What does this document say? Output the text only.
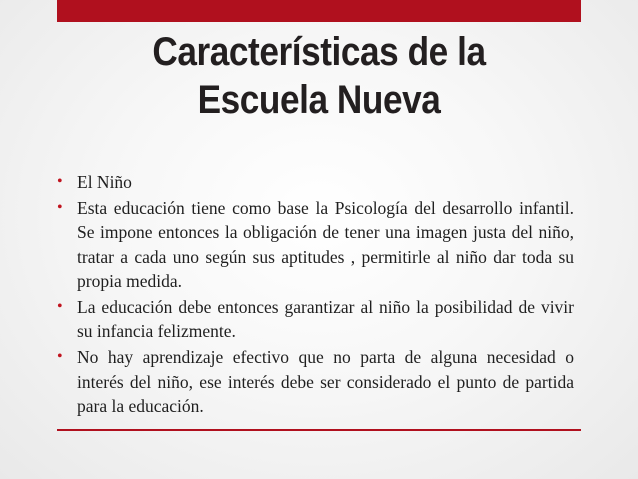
Características de la
Escuela Nueva
• El Niño
• Esta educación tiene como base la Psicología del desarrollo infantil. Se impone entonces la obligación de tener una imagen justa del niño, tratar a cada uno según sus aptitudes , permitirle al niño dar toda su propia medida.
• La educación debe entonces garantizar al niño la posibilidad de vivir su infancia felizmente.
• No hay aprendizaje efectivo que no parta de alguna necesidad o interés del niño, ese interés debe ser considerado el punto de partida para la educación.
